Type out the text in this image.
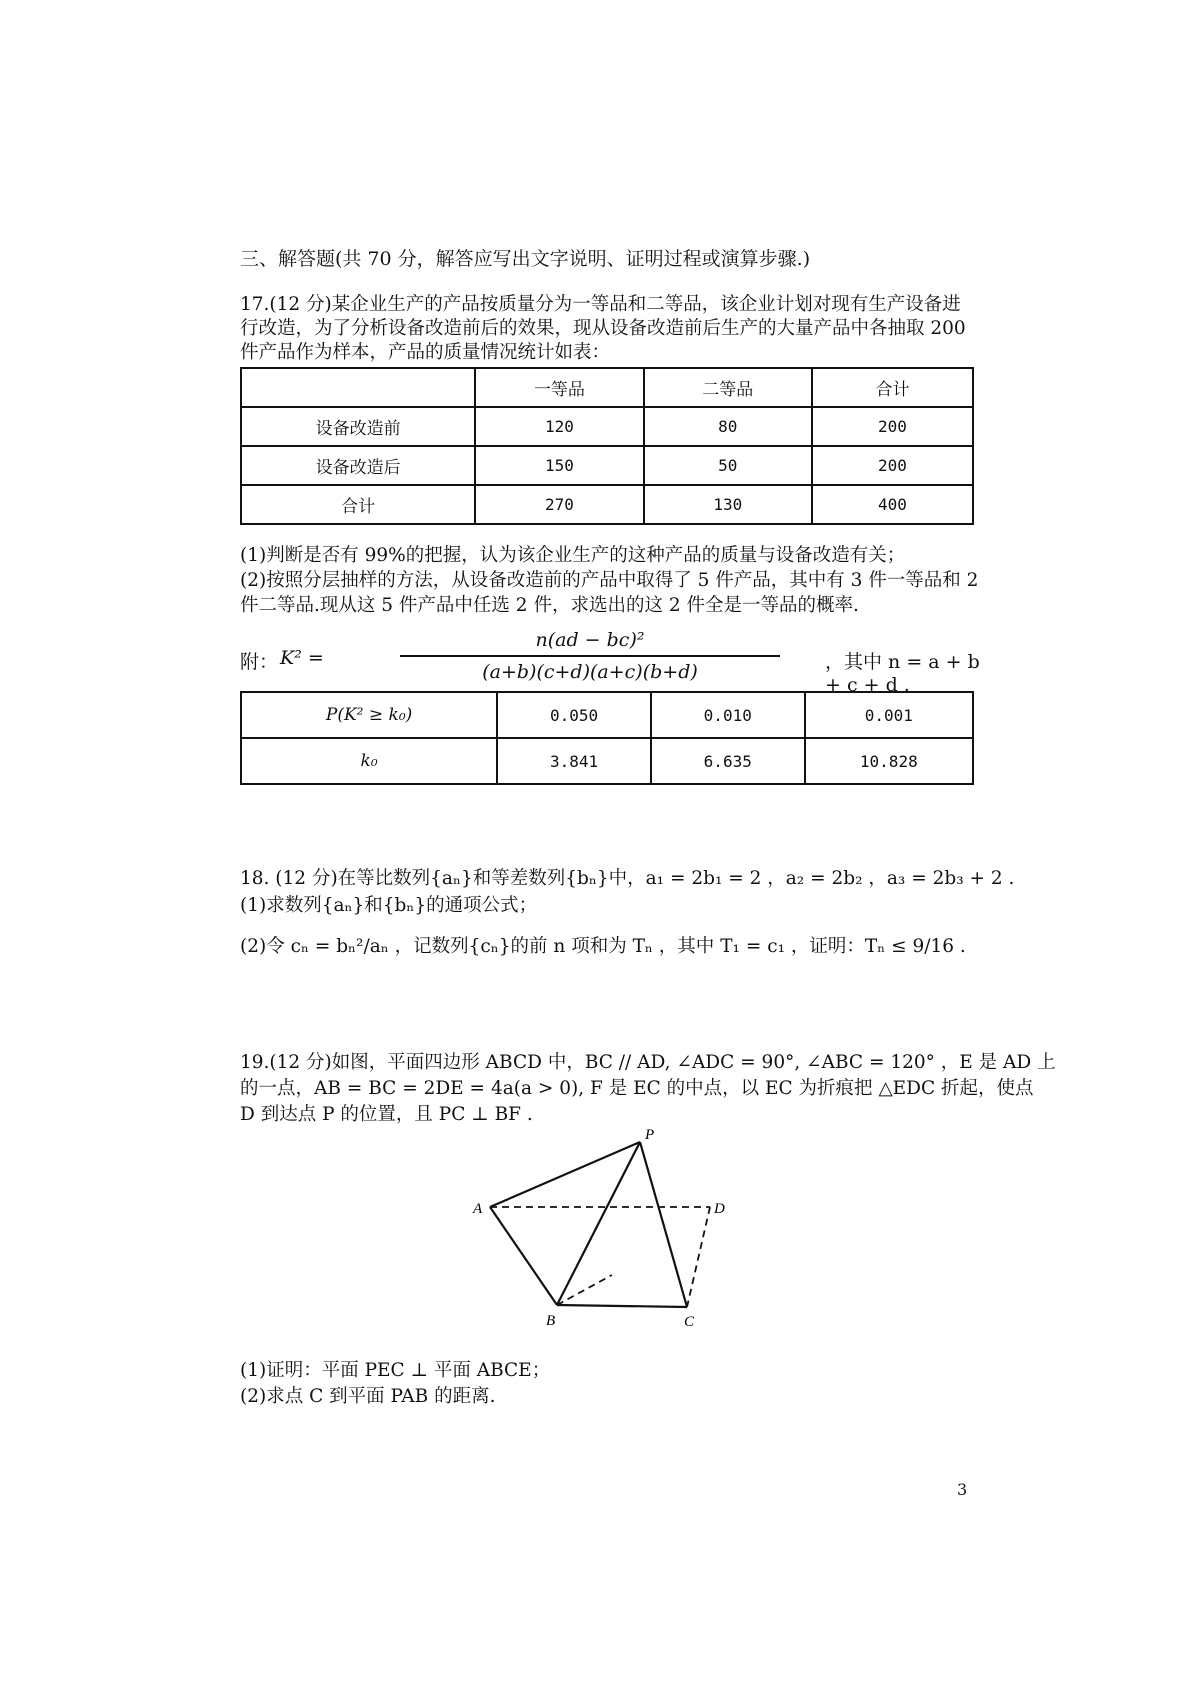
三、解答题(共 70 分，解答应写出文字说明、证明过程或演算步骤.)
17.(12 分)某企业生产的产品按质量分为一等品和二等品，该企业计划对现有生产设备进
行改造，为了分析设备改造前后的效果，现从设备改造前后生产的大量产品中各抽取 200
件产品作为样本，产品的质量情况统计如表：
	一等品	二等品	合计
设备改造前	120	80	200
设备改造后	150	50	200
合计	270	130	400
(1)判断是否有 99%的把握，认为该企业生产的这种产品的质量与设备改造有关；
(2)按照分层抽样的方法，从设备改造前的产品中取得了 5 件产品，其中有 3 件一等品和 2
件二等品.现从这 5 件产品中任选 2 件，求选出的这 2 件全是一等品的概率.
附： K² =
n(ad − bc)²
(a+b)(c+d)(a+c)(b+d)	，其中 n = a + b + c + d .
P(K² ≥ k₀)	0.050	0.010	0.001
k₀	3.841	6.635	10.828
18. (12 分)在等比数列{aₙ}和等差数列{bₙ}中，a₁ = 2b₁ = 2 ，a₂ = 2b₂ ，a₃ = 2b₃ + 2 .
(1)求数列{aₙ}和{bₙ}的通项公式；
(2)令 cₙ = bₙ²/aₙ ，记数列{cₙ}的前 n 项和为 Tₙ ，其中 T₁ = c₁ ，证明：Tₙ ≤ 9/16 .
19.(12 分)如图，平面四边形 ABCD 中，BC // AD, ∠ADC = 90°, ∠ABC = 120° ，E 是 AD 上
的一点，AB = BC = 2DE = 4a(a > 0), F 是 EC 的中点，以 EC 为折痕把 △EDC 折起，使点
D 到达点 P 的位置，且 PC ⊥ BF .
P
A	D
B	C
(1)证明：平面 PEC ⊥ 平面 ABCE；
(2)求点 C 到平面 PAB 的距离.
3
